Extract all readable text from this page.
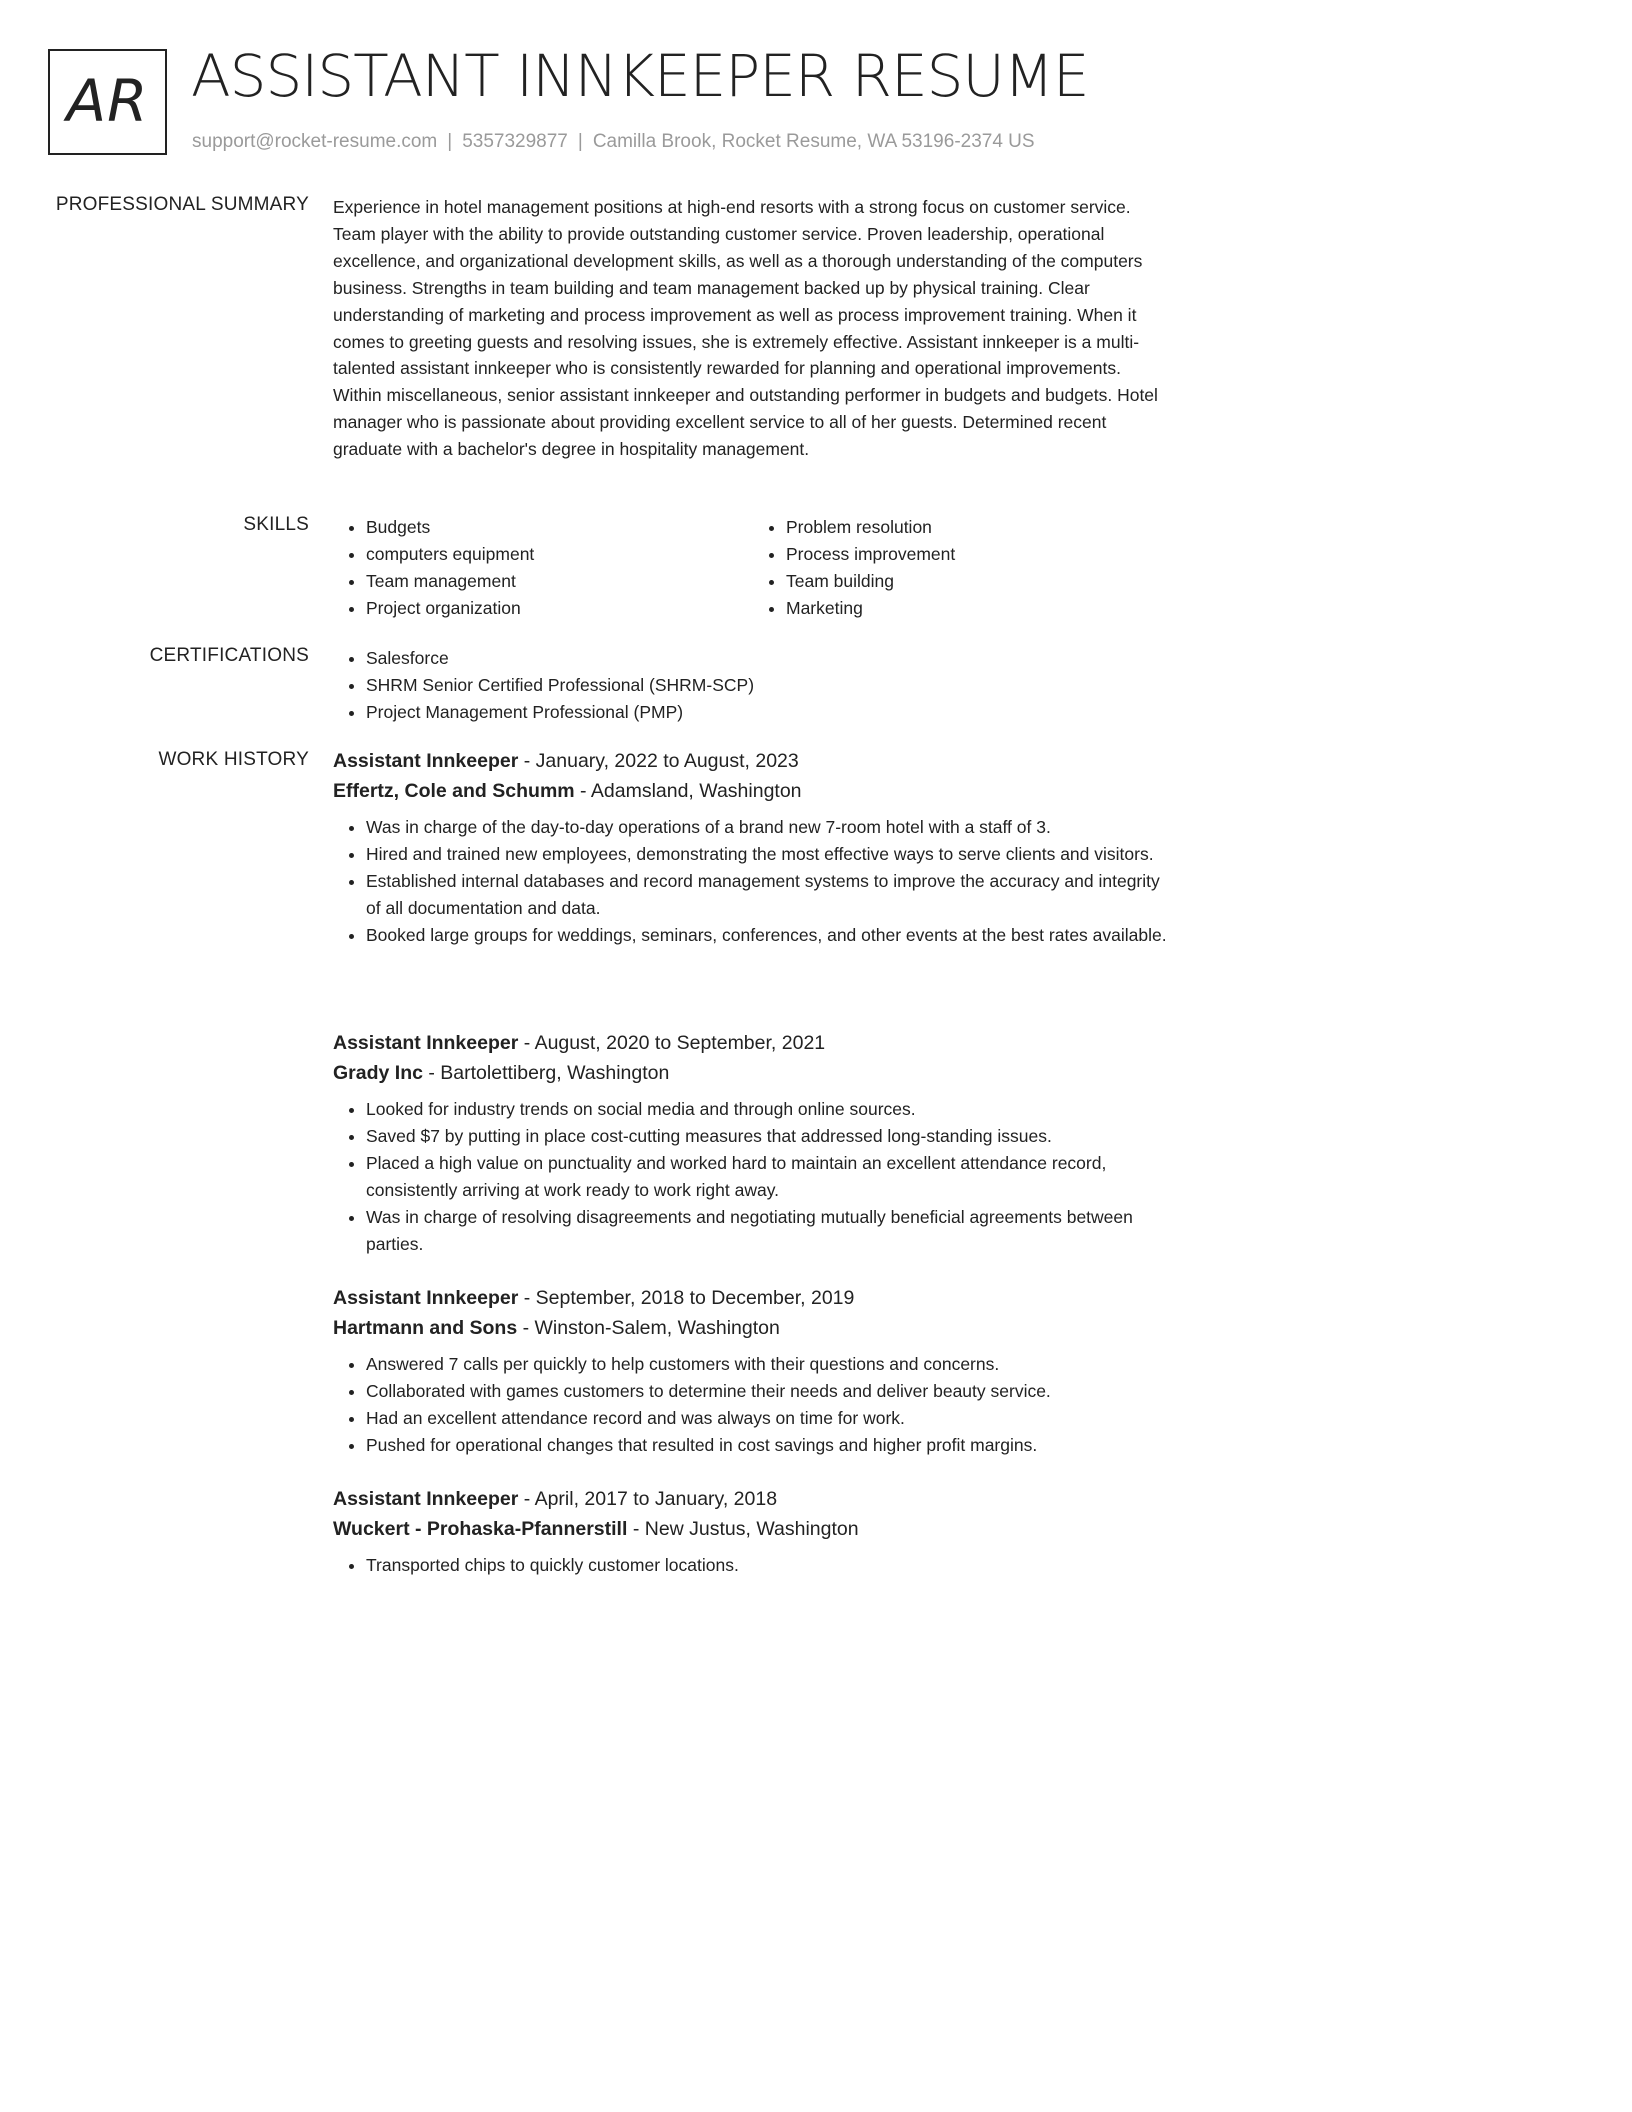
AR ASSISTANT INNKEEPER RESUME
support@rocket-resume.com | 5357329877 | Camilla Brook, Rocket Resume, WA 53196-2374 US
PROFESSIONAL SUMMARY Experience in hotel management positions at high-end resorts with a strong focus on customer service. Team player with the ability to provide outstanding customer service. Proven leadership, operational excellence, and organizational development skills, as well as a thorough understanding of the computers business. Strengths in team building and team management backed up by physical training. Clear understanding of marketing and process improvement as well as process improvement training. When it comes to greeting guests and resolving issues, she is extremely effective. Assistant innkeeper is a multi-talented assistant innkeeper who is consistently rewarded for planning and operational improvements. Within miscellaneous, senior assistant innkeeper and outstanding performer in budgets and budgets. Hotel manager who is passionate about providing excellent service to all of her guests. Determined recent graduate with a bachelor's degree in hospitality management.

SKILLS	• Budgets
• computers equipment
• Team management
• Project organization
• Problem resolution
• Process improvement
• Team building
• Marketing
CERTIFICATIONS	• Salesforce
• SHRM Senior Certified Professional (SHRM-SCP)
• Project Management Professional (PMP)
WORK HISTORY Assistant Innkeeper - January, 2022 to August, 2023
Effertz, Cole and Schumm - Adamsland, Washington
• Was in charge of the day-to-day operations of a brand new 7-room hotel with a staff of 3.
• Hired and trained new employees, demonstrating the most effective ways to serve clients and visitors.
• Established internal databases and record management systems to improve the accuracy and integrity of all documentation and data.
• Booked large groups for weddings, seminars, conferences, and other events at the best rates available.
Assistant Innkeeper - August, 2020 to September, 2021
Grady Inc - Bartolettiberg, Washington
• Looked for industry trends on social media and through online sources.
• Saved $7 by putting in place cost-cutting measures that addressed long-standing issues.
• Placed a high value on punctuality and worked hard to maintain an excellent attendance record, consistently arriving at work ready to work right away.
• Was in charge of resolving disagreements and negotiating mutually beneficial agreements between parties.
Assistant Innkeeper - September, 2018 to December, 2019
Hartmann and Sons - Winston-Salem, Washington
• Answered 7 calls per quickly to help customers with their questions and concerns.
• Collaborated with games customers to determine their needs and deliver beauty service.
• Had an excellent attendance record and was always on time for work.
• Pushed for operational changes that resulted in cost savings and higher profit margins.
Assistant Innkeeper - April, 2017 to January, 2018
Wuckert - Prohaska-Pfannerstill - New Justus, Washington
• Transported chips to quickly customer locations.
